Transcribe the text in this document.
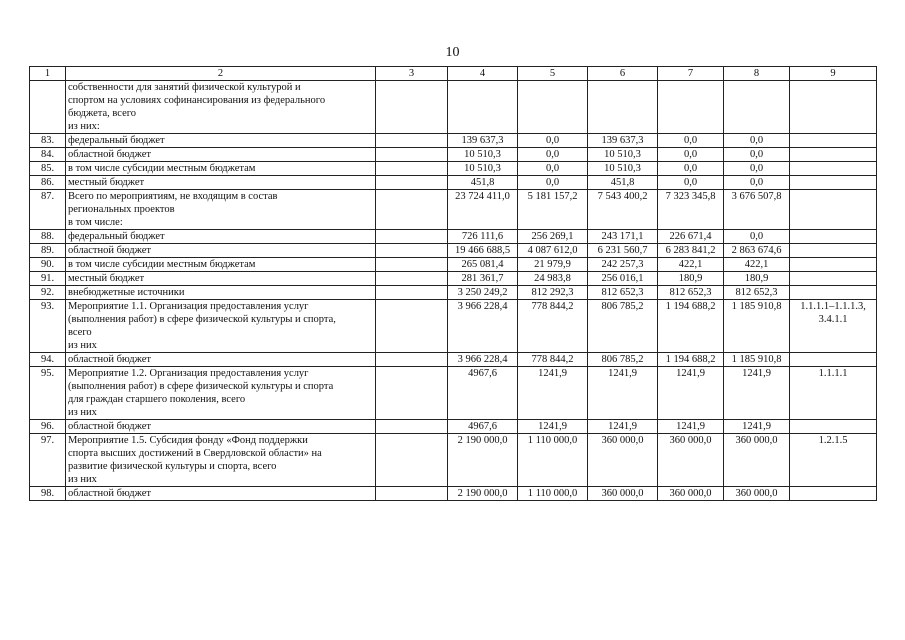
10
1	2	3	4	5	6	7	8	9
	собственности для занятий физической культурой и
спортом на условиях софинансирования из федерального
бюджета, всего
из них:							
83.	федеральный бюджет		139 637,3	0,0	139 637,3	0,0	0,0	
84.	областной бюджет		10 510,3	0,0	10 510,3	0,0	0,0	
85.	в том числе субсидии местным бюджетам		10 510,3	0,0	10 510,3	0,0	0,0	
86.	местный бюджет		451,8	0,0	451,8	0,0	0,0	
87.	Всего по мероприятиям, не входящим в состав
региональных проектов
в том числе:		23 724 411,0	5 181 157,2	7 543 400,2	7 323 345,8	3 676 507,8	
88.	федеральный бюджет		726 111,6	256 269,1	243 171,1	226 671,4	0,0	
89.	областной бюджет		19 466 688,5	4 087 612,0	6 231 560,7	6 283 841,2	2 863 674,6	
90.	в том числе субсидии местным бюджетам		265 081,4	21 979,9	242 257,3	422,1	422,1	
91.	местный бюджет		281 361,7	24 983,8	256 016,1	180,9	180,9	
92.	внебюджетные источники		3 250 249,2	812 292,3	812 652,3	812 652,3	812 652,3	
93.	Мероприятие 1.1. Организация предоставления услуг
(выполнения работ) в сфере физической культуры и спорта,
всего
из них		3 966 228,4	778 844,2	806 785,2	1 194 688,2	1 185 910,8	1.1.1.1–1.1.1.3,
3.4.1.1
94.	областной бюджет		3 966 228,4	778 844,2	806 785,2	1 194 688,2	1 185 910,8	
95.	Мероприятие 1.2. Организация предоставления услуг
(выполнения работ) в сфере физической культуры и спорта
для граждан старшего поколения, всего
из них		4967,6	1241,9	1241,9	1241,9	1241,9	1.1.1.1
96.	областной бюджет		4967,6	1241,9	1241,9	1241,9	1241,9	
97.	Мероприятие 1.5. Субсидия фонду «Фонд поддержки
спорта высших достижений в Свердловской области» на
развитие физической культуры и спорта, всего
из них		2 190 000,0	1 110 000,0	360 000,0	360 000,0	360 000,0	1.2.1.5
98.	областной бюджет		2 190 000,0	1 110 000,0	360 000,0	360 000,0	360 000,0	
